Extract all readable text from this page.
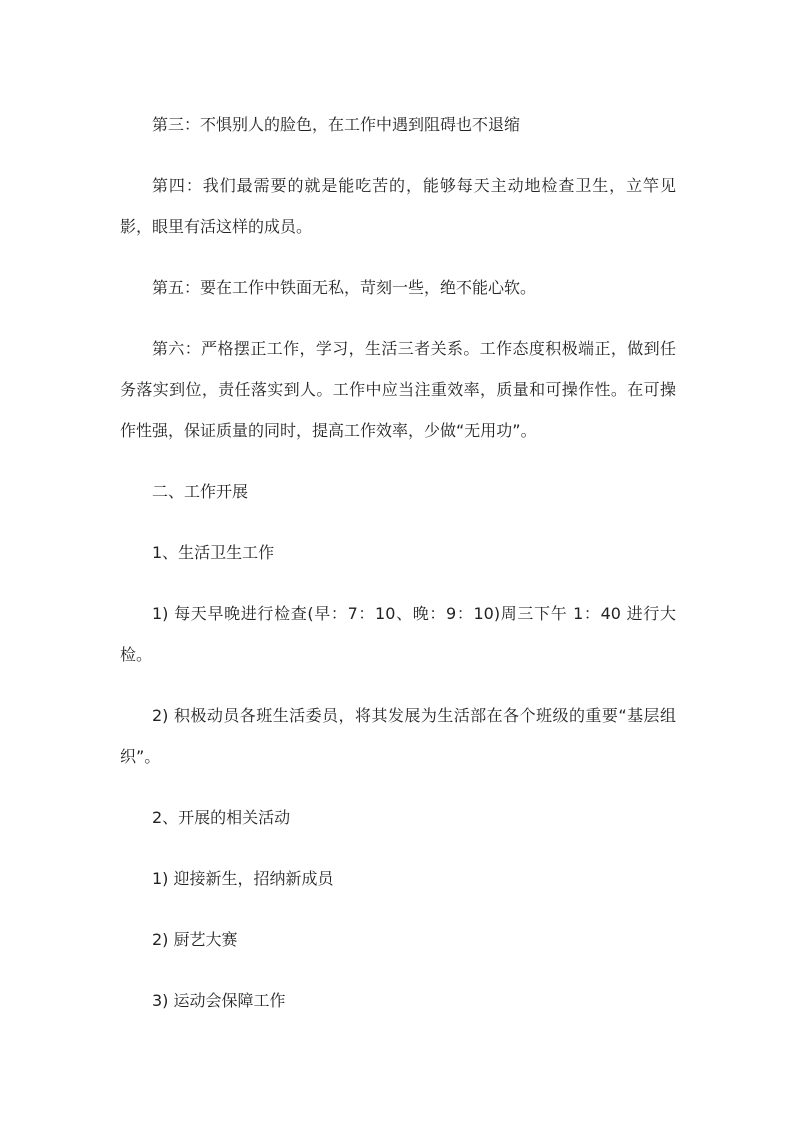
第三：不惧别人的脸色，在工作中遇到阻碍也不退缩

第四：我们最需要的就是能吃苦的，能够每天主动地检查卫生，立竿见影，眼里有活这样的成员。

第五：要在工作中铁面无私，苛刻一些，绝不能心软。

第六：严格摆正工作，学习，生活三者关系。工作态度积极端正，做到任务落实到位，责任落实到人。工作中应当注重效率，质量和可操作性。在可操作性强，保证质量的同时，提高工作效率，少做“无用功”。

二、工作开展

1、生活卫生工作

1) 每天早晚进行检查(早：7：10、晚：9：10)周三下午 1：40 进行大检。

2) 积极动员各班生活委员，将其发展为生活部在各个班级的重要“基层组织”。

2、开展的相关活动

1) 迎接新生，招纳新成员

2) 厨艺大赛

3) 运动会保障工作
